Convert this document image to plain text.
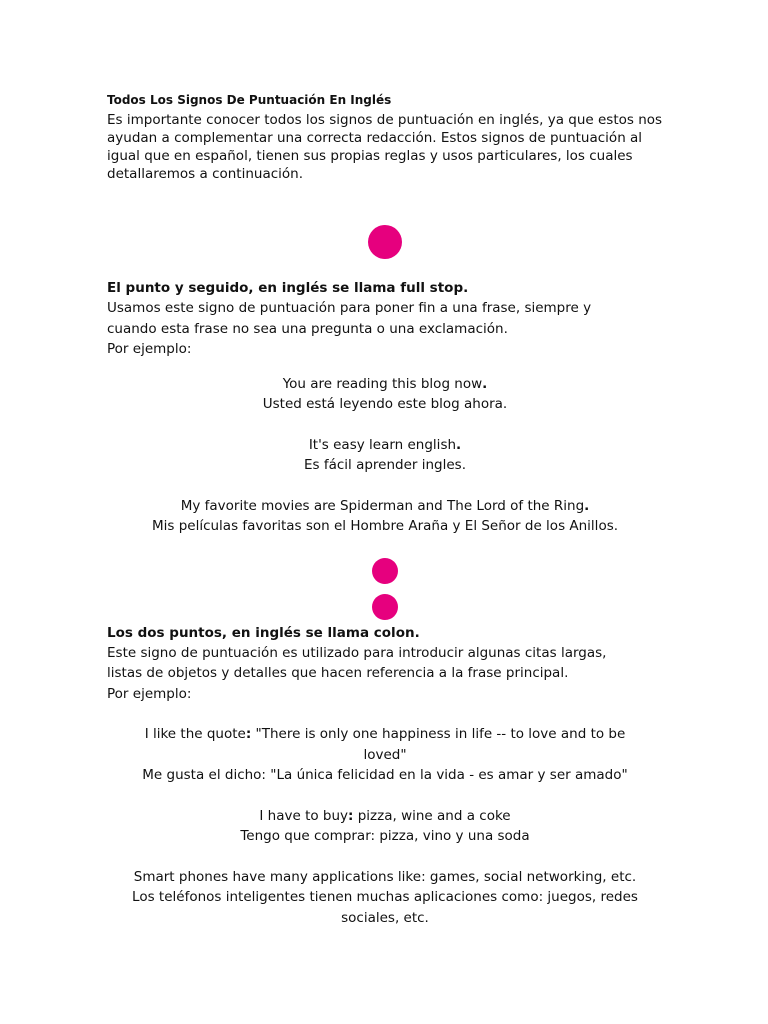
Todos Los Signos De Puntuación En Inglés

Es importante conocer todos los signos de puntuación en inglés, ya que estos nos ayudan a complementar una correcta redacción. Estos signos de puntuación al igual que en español, tienen sus propias reglas y usos particulares, los cuales detallaremos a continuación.

El punto y seguido, en inglés se llama full stop.

Usamos este signo de puntuación para poner fin a una frase, siempre y

cuando esta frase no sea una pregunta o una exclamación.

Por ejemplo:

You are reading this blog now.

Usted está leyendo este blog ahora.

It's easy learn english.

Es fácil aprender ingles.

My favorite movies are Spiderman and The Lord of the Ring.

Mis películas favoritas son el Hombre Araña y El Señor de los Anillos.

Los dos puntos, en inglés se llama colon.

Este signo de puntuación es utilizado para introducir algunas citas largas,

listas de objetos y detalles que hacen referencia a la frase principal.

Por ejemplo:

I like the quote: "There is only one happiness in life -- to love and to be

loved"

Me gusta el dicho: "La única felicidad en la vida - es amar y ser amado"

I have to buy: pizza, wine and a coke

Tengo que comprar: pizza, vino y una soda

Smart phones have many applications like: games, social networking, etc.

Los teléfonos inteligentes tienen muchas aplicaciones como: juegos, redes

sociales, etc.
